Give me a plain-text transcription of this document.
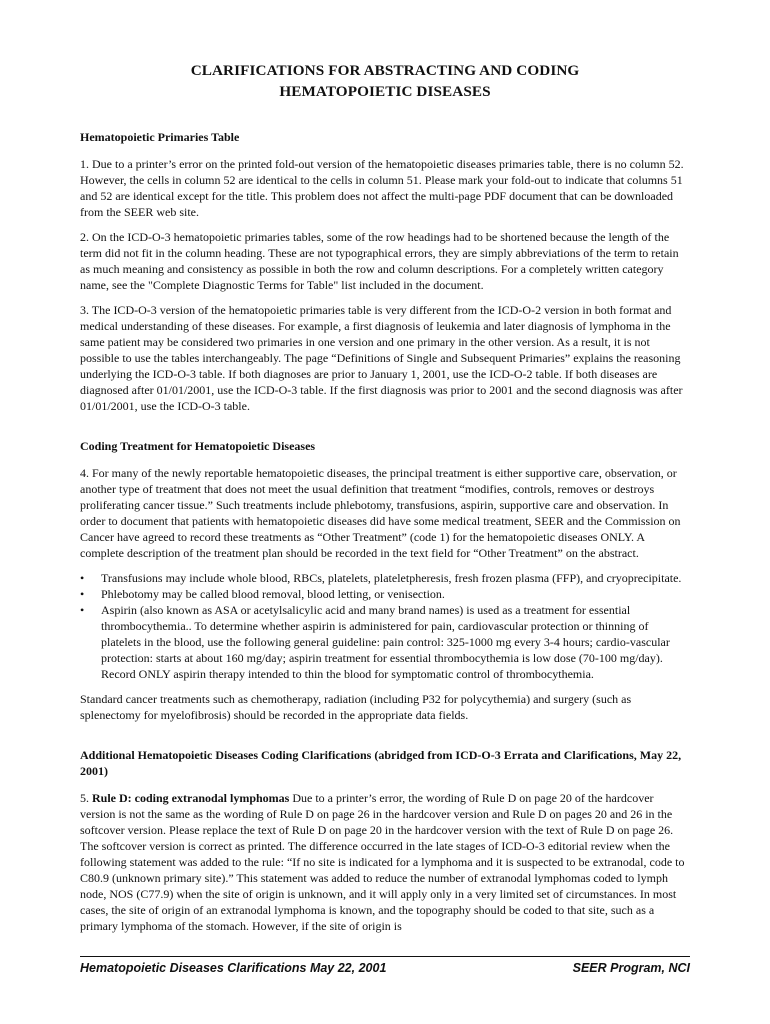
CLARIFICATIONS FOR ABSTRACTING AND CODING
HEMATOPOIETIC DISEASES
Hematopoietic Primaries Table

1. Due to a printer’s error on the printed fold-out version of the hematopoietic diseases primaries table, there is no column 52. However, the cells in column 52 are identical to the cells in column 51. Please mark your fold-out to indicate that columns 51 and 52 are identical except for the title. This problem does not affect the multi-page PDF document that can be downloaded from the SEER web site.

2. On the ICD-O-3 hematopoietic primaries tables, some of the row headings had to be shortened because the length of the term did not fit in the column heading. These are not typographical errors, they are simply abbreviations of the term to retain as much meaning and consistency as possible in both the row and column descriptions. For a completely written category name, see the "Complete Diagnostic Terms for Table" list included in the document.

3. The ICD-O-3 version of the hematopoietic primaries table is very different from the ICD-O-2 version in both format and medical understanding of these diseases. For example, a first diagnosis of leukemia and later diagnosis of lymphoma in the same patient may be considered two primaries in one version and one primary in the other version. As a result, it is not possible to use the tables interchangeably. The page “Definitions of Single and Subsequent Primaries” explains the reasoning underlying the ICD-O-3 table. If both diagnoses are prior to January 1, 2001, use the ICD-O-2 table. If both diseases are diagnosed after 01/01/2001, use the ICD-O-3 table. If the first diagnosis was prior to 2001 and the second diagnosis was after 01/01/2001, use the ICD-O-3 table.

Coding Treatment for Hematopoietic Diseases

4. For many of the newly reportable hematopoietic diseases, the principal treatment is either supportive care, observation, or another type of treatment that does not meet the usual definition that treatment “modifies, controls, removes or destroys proliferating cancer tissue.” Such treatments include phlebotomy, transfusions, aspirin, supportive care and observation. In order to document that patients with hematopoietic diseases did have some medical treatment, SEER and the Commission on Cancer have agreed to record these treatments as “Other Treatment” (code 1) for the hematopoietic diseases ONLY. A complete description of the treatment plan should be recorded in the text field for “Other Treatment” on the abstract.

• Transfusions may include whole blood, RBCs, platelets, plateletpheresis, fresh frozen plasma (FFP), and cryoprecipitate.
• Phlebotomy may be called blood removal, blood letting, or venisection.
• Aspirin (also known as ASA or acetylsalicylic acid and many brand names) is used as a treatment for essential thrombocythemia.. To determine whether aspirin is administered for pain, cardiovascular protection or thinning of platelets in the blood, use the following general guideline: pain control: 325-1000 mg every 3-4 hours; cardio-vascular protection: starts at about 160 mg/day; aspirin treatment for essential thrombocythemia is low dose (70-100 mg/day). Record ONLY aspirin therapy intended to thin the blood for symptomatic control of thrombocythemia.

Standard cancer treatments such as chemotherapy, radiation (including P32 for polycythemia) and surgery (such as splenectomy for myelofibrosis) should be recorded in the appropriate data fields.

Additional Hematopoietic Diseases Coding Clarifications (abridged from ICD-O-3 Errata and Clarifications, May 22, 2001)

5. Rule D: coding extranodal lymphomas Due to a printer’s error, the wording of Rule D on page 20 of the hardcover version is not the same as the wording of Rule D on page 26 in the hardcover version and Rule D on pages 20 and 26 in the softcover version. Please replace the text of Rule D on page 20 in the hardcover version with the text of Rule D on page 26. The softcover version is correct as printed. The difference occurred in the late stages of ICD-O-3 editorial review when the following statement was added to the rule: “If no site is indicated for a lymphoma and it is suspected to be extranodal, code to C80.9 (unknown primary site).” This statement was added to reduce the number of extranodal lymphomas coded to lymph node, NOS (C77.9) when the site of origin is unknown, and it will apply only in a very limited set of circumstances. In most cases, the site of origin of an extranodal lymphoma is known, and the topography should be coded to that site, such as a primary lymphoma of the stomach. However, if the site of origin is

Hematopoietic Diseases Clarifications May 22, 2001	SEER Program, NCI
